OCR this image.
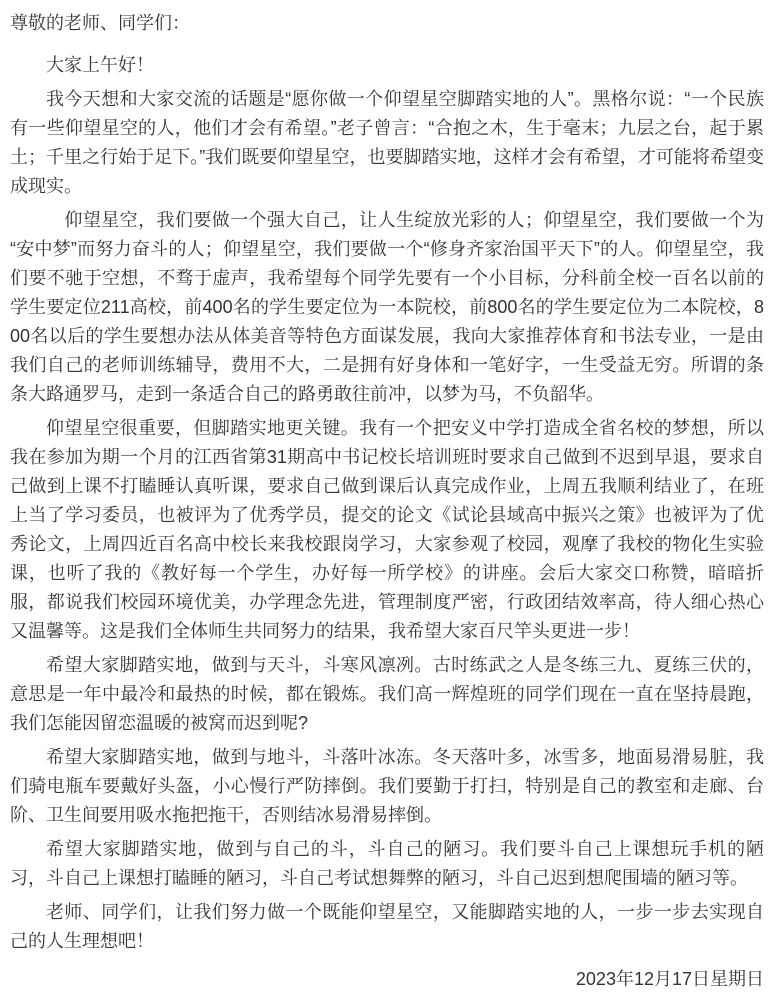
尊敬的老师、同学们：

大家上午好！

我今天想和大家交流的话题是“愿你做一个仰望星空脚踏实地的人”。黑格尔说：“一个民族有一些仰望星空的人，他们才会有希望。”老子曾言：“合抱之木，生于毫末；九层之台，起于累土；千里之行始于足下。”我们既要仰望星空，也要脚踏实地，这样才会有希望，才可能将希望变成现实。

　仰望星空，我们要做一个强大自己，让人生绽放光彩的人；仰望星空，我们要做一个为“安中梦”而努力奋斗的人；仰望星空，我们要做一个“修身齐家治国平天下”的人。仰望星空，我们要不驰于空想，不骛于虚声，我希望每个同学先要有一个小目标，分科前全校一百名以前的学生要定位211高校，前400名的学生要定位为一本院校，前800名的学生要定位为二本院校，800名以后的学生要想办法从体美音等特色方面谋发展，我向大家推荐体育和书法专业，一是由我们自己的老师训练辅导，费用不大，二是拥有好身体和一笔好字，一生受益无穷。所谓的条条大路通罗马，走到一条适合自己的路勇敢往前冲，以梦为马，不负韶华。

仰望星空很重要，但脚踏实地更关键。我有一个把安义中学打造成全省名校的梦想，所以我在参加为期一个月的江西省第31期高中书记校长培训班时要求自己做到不迟到早退，要求自己做到上课不打瞌睡认真听课，要求自己做到课后认真完成作业，上周五我顺利结业了，在班上当了学习委员，也被评为了优秀学员，提交的论文《试论县域高中振兴之策》也被评为了优秀论文，上周四近百名高中校长来我校跟岗学习，大家参观了校园，观摩了我校的物化生实验课，也听了我的《教好每一个学生，办好每一所学校》的讲座。会后大家交口称赞，暗暗折服，都说我们校园环境优美，办学理念先进，管理制度严密，行政团结效率高，待人细心热心又温馨等。这是我们全体师生共同努力的结果，我希望大家百尺竿头更进一步！

希望大家脚踏实地，做到与天斗，斗寒风凛冽。古时练武之人是冬练三九、夏练三伏的，意思是一年中最冷和最热的时候，都在锻炼。我们高一辉煌班的同学们现在一直在坚持晨跑，我们怎能因留恋温暖的被窝而迟到呢?

希望大家脚踏实地，做到与地斗，斗落叶冰冻。冬天落叶多，冰雪多，地面易滑易脏，我们骑电瓶车要戴好头盔，小心慢行严防摔倒。我们要勤于打扫，特别是自己的教室和走廊、台阶、卫生间要用吸水拖把拖干，否则结冰易滑易摔倒。

希望大家脚踏实地，做到与自己的斗，斗自己的陋习。我们要斗自己上课想玩手机的陋习，斗自己上课想打瞌睡的陋习，斗自己考试想舞弊的陋习，斗自己迟到想爬围墙的陋习等。

老师、同学们，让我们努力做一个既能仰望星空，又能脚踏实地的人，一步一步去实现自己的人生理想吧！

2023年12月17日星期日
